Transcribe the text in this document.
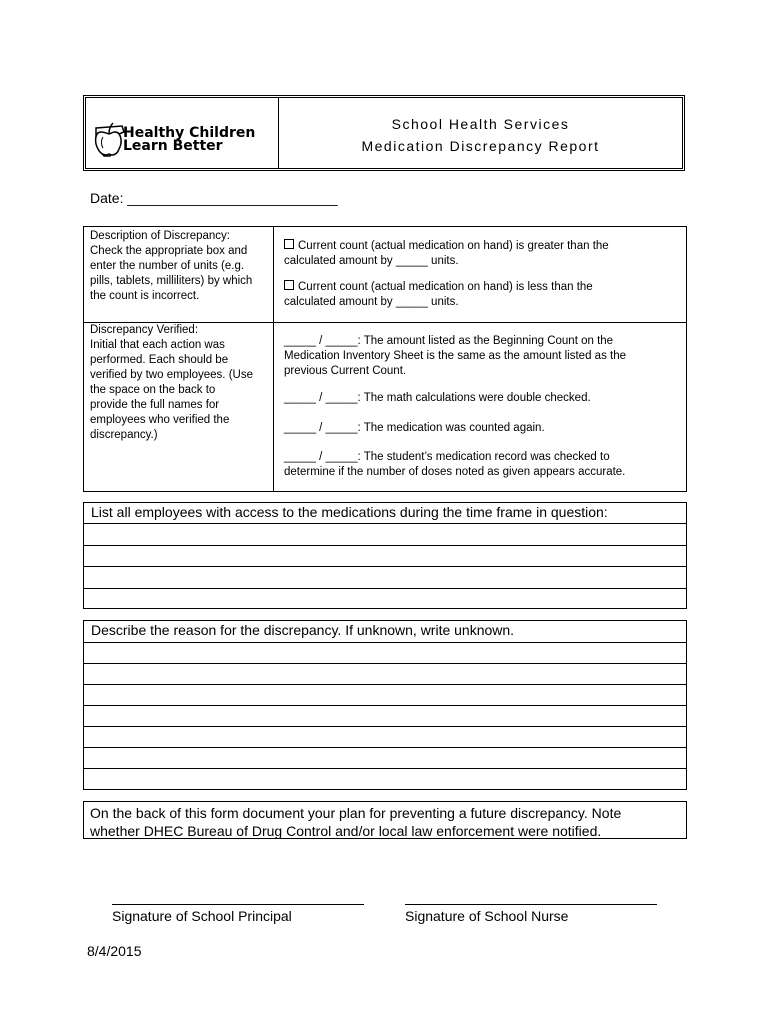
Healthy Children
Learn Better
School Health Services
Medication Discrepancy Report
Date: ___________________________
Description of Discrepancy:
Check the appropriate box and
enter the number of units (e.g.
pills, tablets, milliliters) by which
the count is incorrect.
Current count (actual medication on hand) is greater than the
calculated amount by _____ units.
Current count (actual medication on hand) is less than the
calculated amount by _____ units.
Discrepancy Verified:
Initial that each action was
performed. Each should be
verified by two employees. (Use
the space on the back to
provide the full names for
employees who verified the
discrepancy.)
_____ / _____: The amount listed as the Beginning Count on the
Medication Inventory Sheet is the same as the amount listed as the
previous Current Count.
_____ / _____: The math calculations were double checked.
_____ / _____: The medication was counted again.
_____ / _____: The student’s medication record was checked to
determine if the number of doses noted as given appears accurate.
List all employees with access to the medications during the time frame in question:
Describe the reason for the discrepancy. If unknown, write unknown.
On the back of this form document your plan for preventing a future discrepancy. Note
whether DHEC Bureau of Drug Control and/or local law enforcement were notified.
Signature of School Principal	Signature of School Nurse
8/4/2015
